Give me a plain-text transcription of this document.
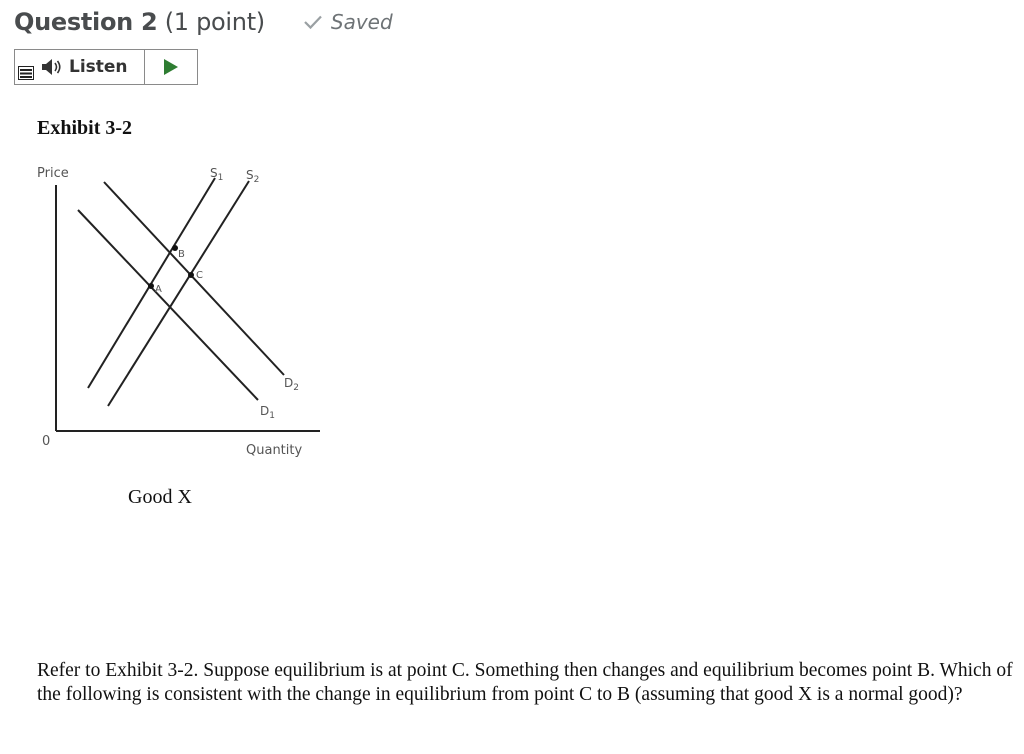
Question 2 (1 point)	Saved
Listen
Exhibit 3-2
Price
Quantity
0
$S_1$ $S_2$
$D_1$
$D_2$
A
B
C
Good X
Refer to Exhibit 3-2. Suppose equilibrium is at point C. Something then changes and equilibrium becomes point B. Which of the following is consistent with the change in equilibrium from point C to B (assuming that good X is a normal good)?
